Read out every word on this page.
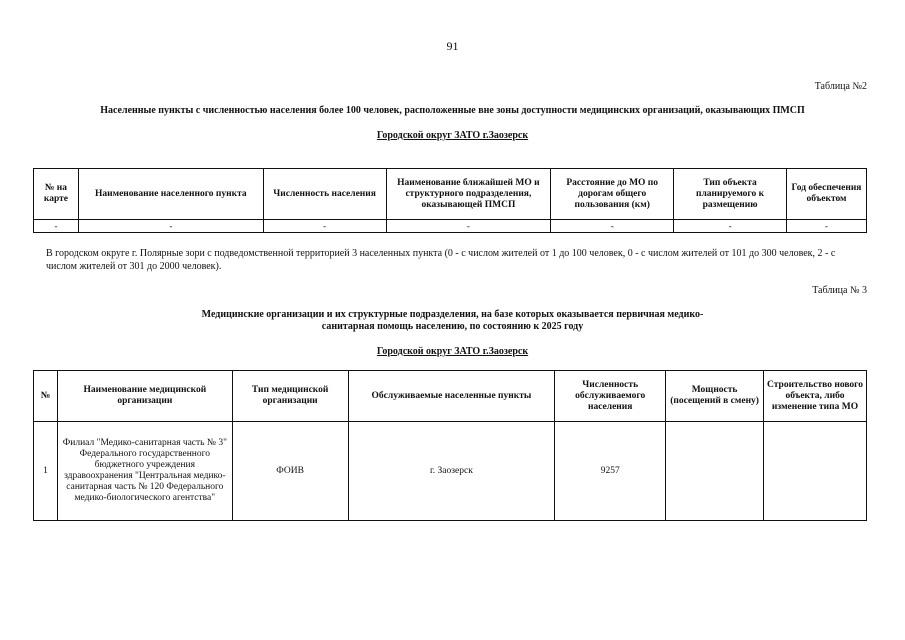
91
Таблица №2
Населенные пункты с численностью населения более 100 человек, расположенные вне зоны доступности медицинских организаций, оказывающих ПМСП
Городской округ ЗАТО г.Заозерск
№ на карте	Наименование населенного пункта	Численность населения	Наименование ближайшей МО и структурного подразделения, оказывающей ПМСП	Расстояние до МО по дорогам общего пользования (км)	Тип объекта планируемого к размещению	Год обеспечения объектом
-	-	-	-	-	-	-
В городском округе г. Полярные зори с подведомственной территорией 3 населенных пункта (0 - с числом жителей от 1 до 100 человек, 0 - с числом жителей от 101 до 300 человек, 2 - с числом жителей от 301 до 2000 человек).
Таблица № 3
Медицинские организации и их структурные подразделения, на базе которых оказывается первичная медико-санитарная помощь населению, по состоянию к 2025 году
Городской округ ЗАТО г.Заозерск
№	Наименование медицинской организации	Тип медицинской организации	Обслуживаемые населенные пункты	Численность обслуживаемого населения	Мощность (посещений в смену)	Строительство нового объекта, либо изменение типа МО
1	Филиал "Медико-санитарная часть № 3" Федерального государственного бюджетного учреждения здравоохранения "Центральная медико-санитарная часть № 120 Федерального медико-биологического агентства"	ФОИВ	г. Заозерск	9257		
